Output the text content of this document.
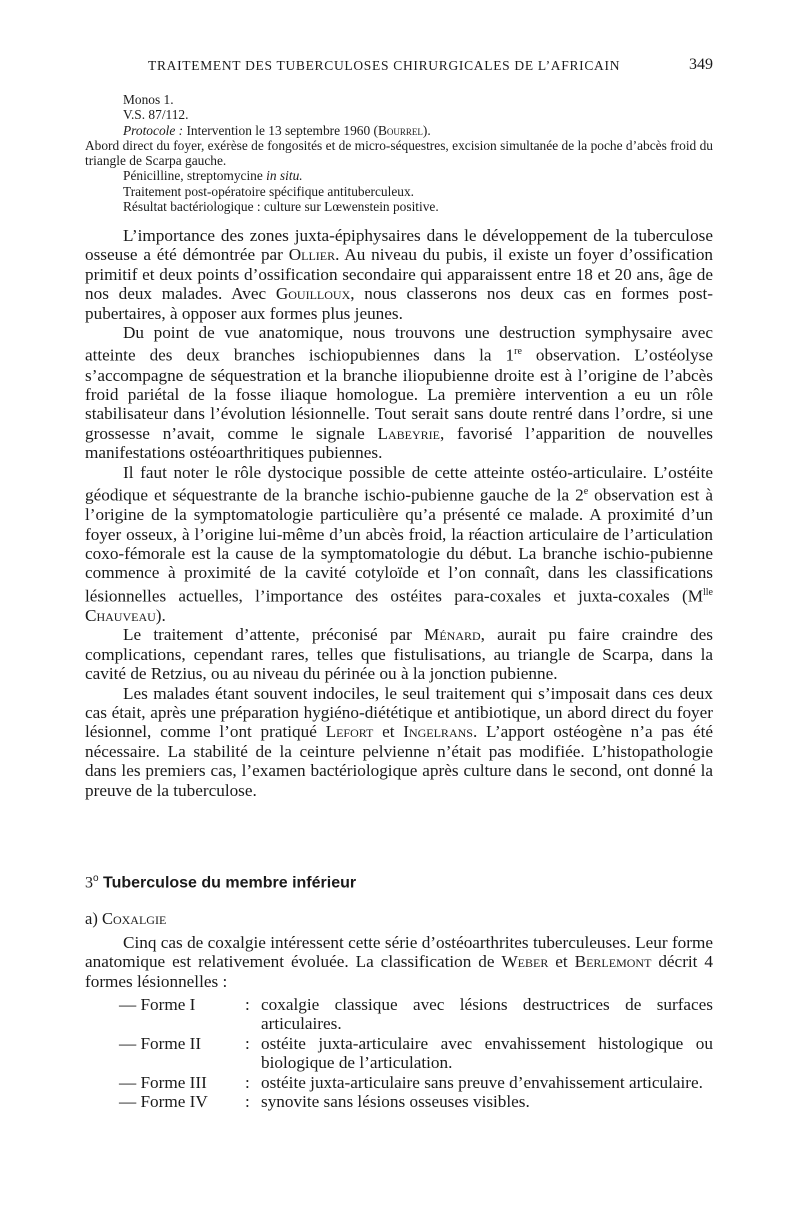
TRAITEMENT DES TUBERCULOSES CHIRURGICALES DE L’AFRICAIN	349

Monos 1.

V.S. 87/112.

Protocole : Intervention le 13 septembre 1960 (Bourrel).

Abord direct du foyer, exérèse de fongosités et de micro-séquestres, excision simultanée de la poche d’abcès froid du triangle de Scarpa gauche.

Pénicilline, streptomycine in situ.

Traitement post-opératoire spécifique antituberculeux.

Résultat bactériologique : culture sur Lœwenstein positive.

L’importance des zones juxta-épiphysaires dans le développement de la tuberculose osseuse a été démontrée par Ollier. Au niveau du pubis, il existe un foyer d’ossification primitif et deux points d’ossification secondaire qui apparaissent entre 18 et 20 ans, âge de nos deux malades. Avec Gouilloux, nous classerons nos deux cas en formes post-pubertaires, à opposer aux formes plus jeunes.

Du point de vue anatomique, nous trouvons une destruction symphysaire avec atteinte des deux branches ischiopubiennes dans la 1re observation. L’ostéolyse s’accompagne de séquestration et la branche iliopubienne droite est à l’origine de l’abcès froid pariétal de la fosse iliaque homologue. La première intervention a eu un rôle stabilisateur dans l’évolution lésionnelle. Tout serait sans doute rentré dans l’ordre, si une grossesse n’avait, comme le signale Labeyrie, favorisé l’apparition de nouvelles manifestations ostéoarthritiques pubiennes.

Il faut noter le rôle dystocique possible de cette atteinte ostéo-articulaire. L’ostéite géodique et séquestrante de la branche ischio-pubienne gauche de la 2e observation est à l’origine de la symptomatologie particulière qu’a présenté ce malade. A proximité d’un foyer osseux, à l’origine lui-même d’un abcès froid, la réaction articulaire de l’articulation coxo-fémorale est la cause de la symptomatologie du début. La branche ischio-pubienne commence à proximité de la cavité cotyloïde et l’on connaît, dans les classifications lésionnelles actuelles, l’importance des ostéites para-coxales et juxta-coxales ($M^{lle}$ Chauveau).

Le traitement d’attente, préconisé par Ménard, aurait pu faire craindre des complications, cependant rares, telles que fistulisations, au triangle de Scarpa, dans la cavité de Retzius, ou au niveau du périnée ou à la jonction pubienne.

Les malades étant souvent indociles, le seul traitement qui s’imposait dans ces deux cas était, après une préparation hygiéno-diététique et antibiotique, un abord direct du foyer lésionnel, comme l’ont pratiqué Lefort et Ingelrans. L’apport ostéogène n’a pas été nécessaire. La stabilité de la ceinture pelvienne n’était pas modifiée. L’histopathologie dans les premiers cas, l’examen bactériologique après culture dans le second, ont donné la preuve de la tuberculose.

3$^o$ Tuberculose du membre inférieur
a) Coxalgie

Cinq cas de coxalgie intéressent cette série d’ostéoarthrites tuberculeuses. Leur forme anatomique est relativement évoluée. La classification de Weber et Berlemont décrit 4 formes lésionnelles :

— Forme I	: coxalgie classique avec lésions destructrices de surfaces articulaires.
— Forme II	: ostéite juxta-articulaire avec envahissement histologique ou biologique de l’articulation.
— Forme III	: ostéite juxta-articulaire sans preuve d’envahissement articulaire.
— Forme IV	: synovite sans lésions osseuses visibles.
